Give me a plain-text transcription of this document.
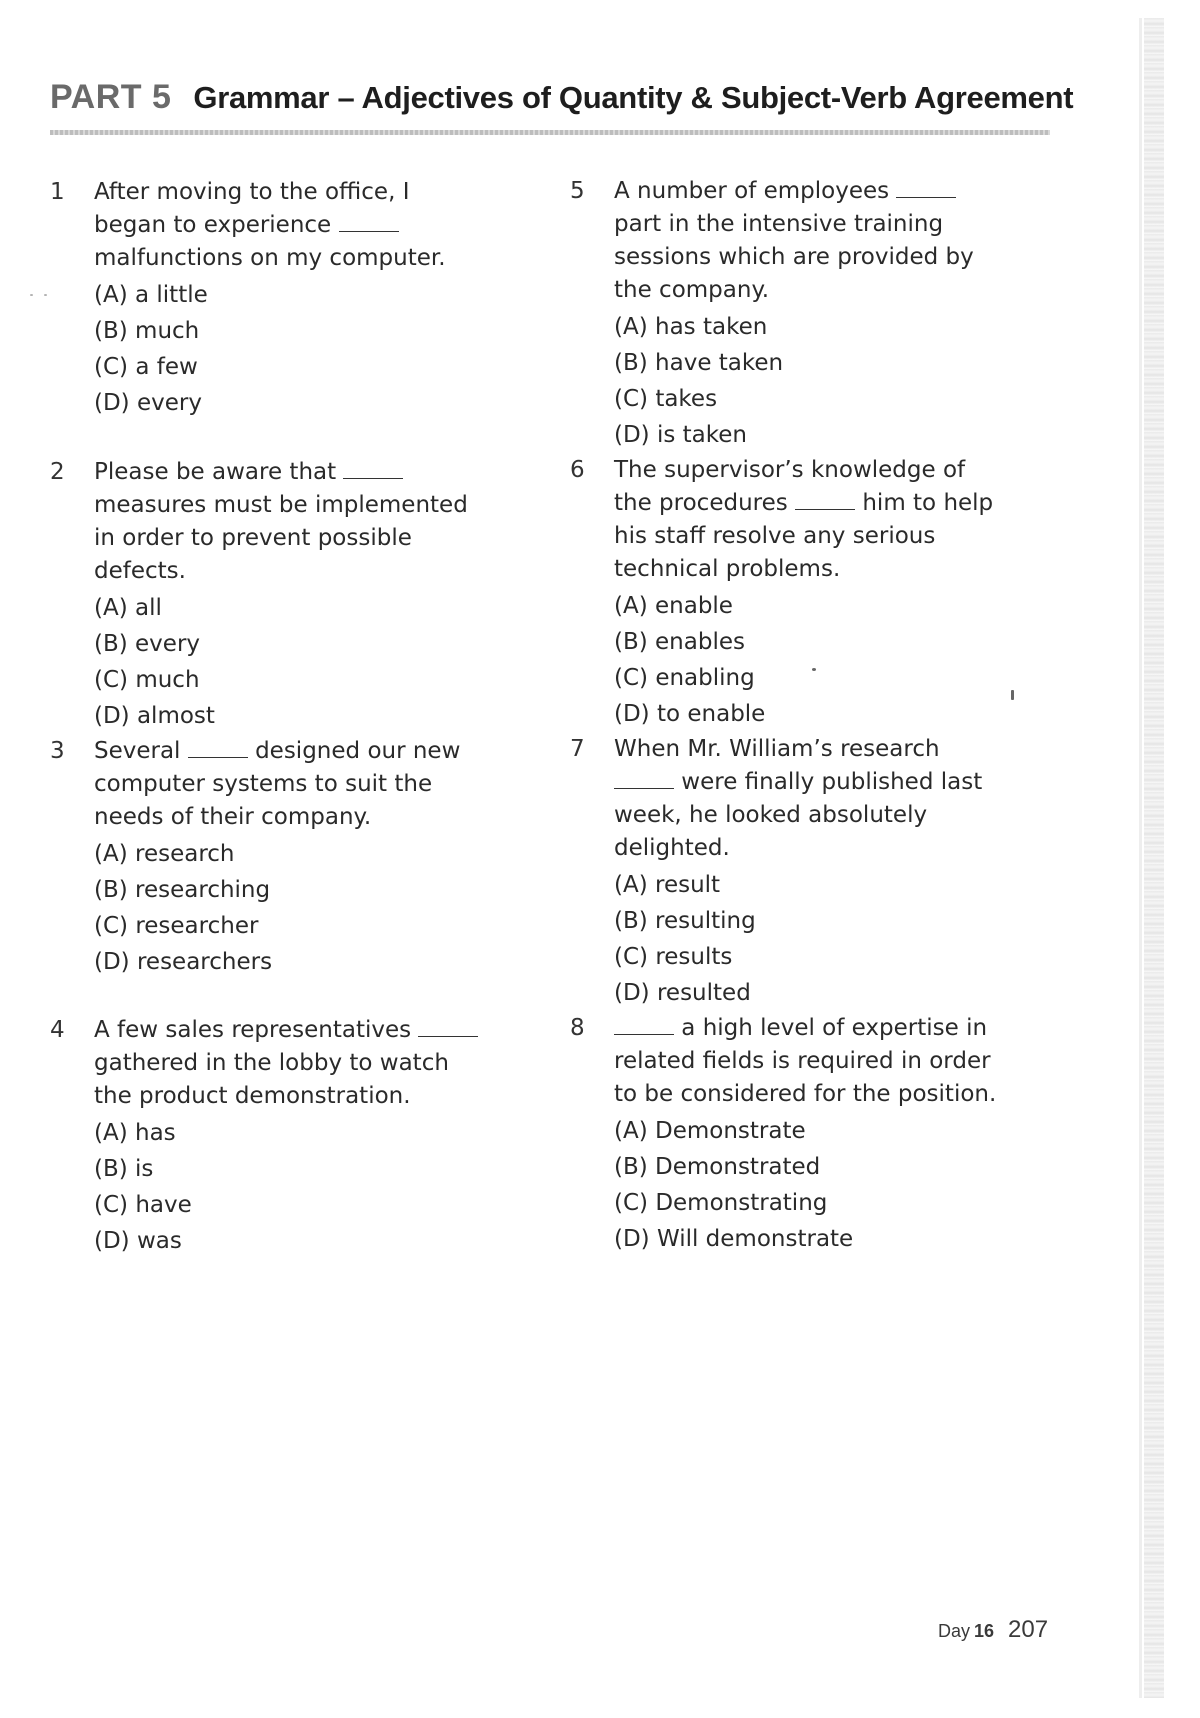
PART 5 Grammar – Adjectives of Quantity & Subject-Verb Agreement
1 After moving to the office, I began to experience  malfunctions on my computer.
(A) a little
(B) much
(C) a few
(D) every
2 Please be aware that  measures must be implemented in order to prevent possible defects.
(A) all
(B) every
(C) much
(D) almost
3 Several	designed our new computer systems to suit the needs of their company.
(A) research
(B) researching
(C) researcher
(D) researchers
4 A few sales representatives  gathered in the lobby to watch the product demonstration.
(A) has
(B) is
(C) have
(D) was
5 A number of employees  part in the intensive training sessions which are provided by the company.
(A) has taken
(B) have taken
(C) takes
(D) is taken
6 The supervisor’s knowledge of the procedures	him to help his staff resolve any serious technical problems.
(A) enable
(B) enables
(C) enabling
(D) to enable
7 When Mr. William’s research  were finally published last week, he looked absolutely delighted.
(A) result
(B) resulting
(C) results
(D) resulted
8	a high level of expertise in related fields is required in order to be considered for the position.
(A) Demonstrate
(B) Demonstrated
(C) Demonstrating
(D) Will demonstrate
Day 16 207
